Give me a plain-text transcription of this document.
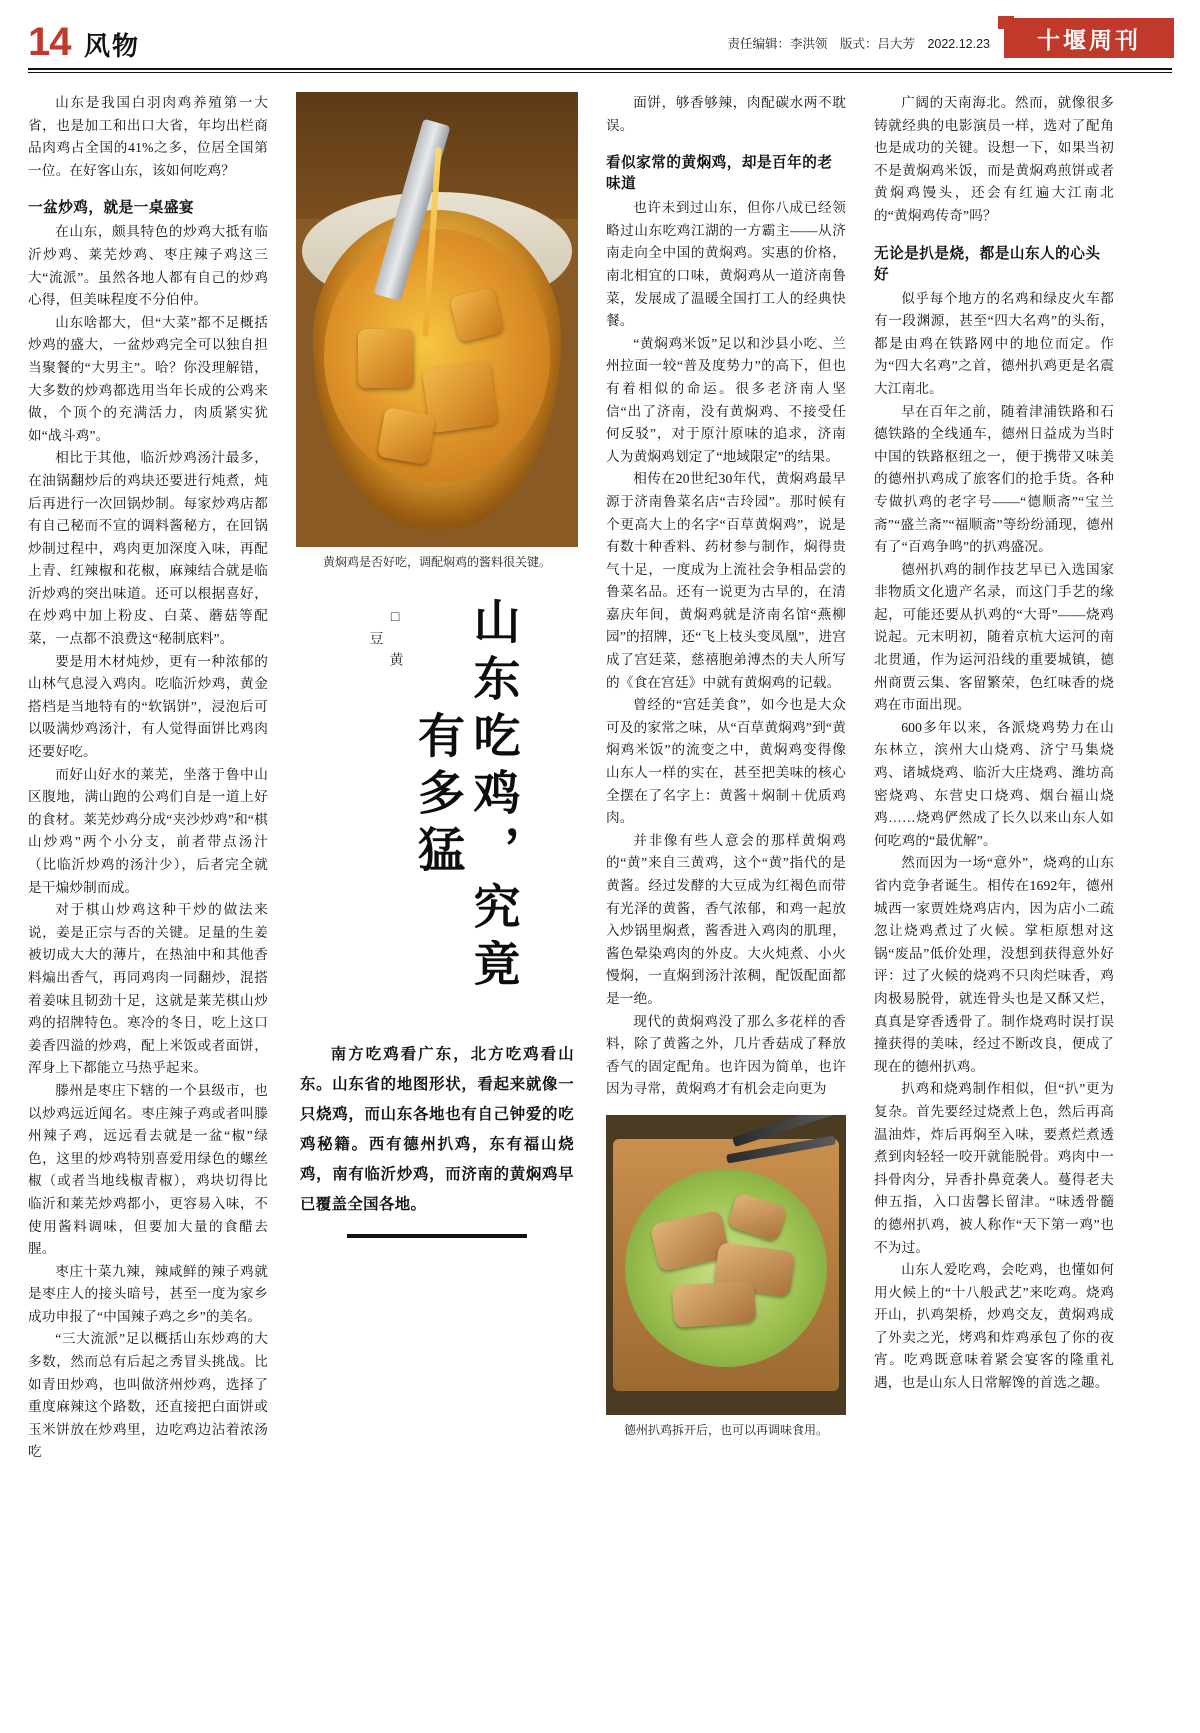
14 风物	责任编辑：李洪领　版式：吕大芳　2022.12.23	十堰周刊

山东是我国白羽肉鸡养殖第一大省，也是加工和出口大省，年均出栏商品肉鸡占全国的41%之多，位居全国第一位。在好客山东，该如何吃鸡？

一盆炒鸡，就是一桌盛宴

在山东，颇具特色的炒鸡大抵有临沂炒鸡、莱芜炒鸡、枣庄辣子鸡这三大“流派”。虽然各地人都有自己的炒鸡心得，但美味程度不分伯仲。

山东啥都大，但“大菜”都不足概括炒鸡的盛大，一盆炒鸡完全可以独自担当聚餐的“大男主”。哈？你没理解错，大多数的炒鸡都选用当年长成的公鸡来做，个顶个的充满活力，肉质紧实犹如“战斗鸡”。

相比于其他，临沂炒鸡汤汁最多，在油锅翻炒后的鸡块还要进行炖煮，炖后再进行一次回锅炒制。每家炒鸡店都有自己秘而不宣的调料酱秘方，在回锅炒制过程中，鸡肉更加深度入味，再配上青、红辣椒和花椒，麻辣结合就是临沂炒鸡的突出味道。还可以根据喜好，在炒鸡中加上粉皮、白菜、蘑菇等配菜，一点都不浪费这“秘制底料”。

要是用木材炖炒，更有一种浓郁的山林气息浸入鸡肉。吃临沂炒鸡，黄金搭档是当地特有的“软锅饼”，浸泡后可以吸满炒鸡汤汁，有人觉得面饼比鸡肉还要好吃。

而好山好水的莱芜，坐落于鲁中山区腹地，满山跑的公鸡们自是一道上好的食材。莱芜炒鸡分成“夹沙炒鸡”和“棋山炒鸡”两个小分支，前者带点汤汁（比临沂炒鸡的汤汁少），后者完全就是干煸炒制而成。

对于棋山炒鸡这种干炒的做法来说，姜是正宗与否的关键。足量的生姜被切成大大的薄片，在热油中和其他香料煸出香气，再同鸡肉一同翻炒，混搭着姜味且韧劲十足，这就是莱芜棋山炒鸡的招牌特色。寒冷的冬日，吃上这口姜香四溢的炒鸡，配上米饭或者面饼，浑身上下都能立马热乎起来。

滕州是枣庄下辖的一个县级市，也以炒鸡远近闻名。枣庄辣子鸡或者叫滕州辣子鸡，远远看去就是一盆“椒”绿色，这里的炒鸡特别喜爱用绿色的螺丝椒（或者当地线椒青椒），鸡块切得比临沂和莱芜炒鸡都小，更容易入味，不使用酱料调味，但要加大量的食醋去腥。

枣庄十菜九辣，辣咸鲜的辣子鸡就是枣庄人的接头暗号，甚至一度为家乡成功申报了“中国辣子鸡之乡”的美名。

“三大流派”足以概括山东炒鸡的大多数，然而总有后起之秀冒头挑战。比如青田炒鸡，也叫做济州炒鸡，选择了重度麻辣这个路数，还直接把白面饼或玉米饼放在炒鸡里，边吃鸡边沾着浓汤吃

黄焖鸡是否好吃，调配焖鸡的酱料很关键。
□ 黄 豆 山东吃鸡，究竟有多猛
南方吃鸡看广东，北方吃鸡看山东。山东省的地图形状，看起来就像一只烧鸡，而山东各地也有自己钟爱的吃鸡秘籍。西有德州扒鸡，东有福山烧鸡，南有临沂炒鸡，而济南的黄焖鸡早已覆盖全国各地。

面饼，够香够辣，肉配碳水两不耽误。

看似家常的黄焖鸡，却是百年的老味道

也许未到过山东，但你八成已经领略过山东吃鸡江湖的一方霸主——从济南走向全中国的黄焖鸡。实惠的价格，南北相宜的口味，黄焖鸡从一道济南鲁菜，发展成了温暖全国打工人的经典快餐。

“黄焖鸡米饭”足以和沙县小吃、兰州拉面一较“普及度势力”的高下，但也有着相似的命运。很多老济南人坚信“出了济南，没有黄焖鸡、不接受任何反驳”，对于原汁原味的追求，济南人为黄焖鸡划定了“地域限定”的结果。

相传在20世纪30年代，黄焖鸡最早源于济南鲁菜名店“吉玲园”。那时候有个更高大上的名字“百草黄焖鸡”，说是有数十种香料、药材参与制作，焖得贵气十足，一度成为上流社会争相品尝的鲁菜名品。还有一说更为古早的，在清嘉庆年间，黄焖鸡就是济南名馆“燕柳园”的招牌，还“飞上枝头变凤凰”，进宫成了宫廷菜，慈禧胞弟溥杰的夫人所写的《食在宫廷》中就有黄焖鸡的记载。

曾经的“宫廷美食”，如今也是大众可及的家常之味，从“百草黄焖鸡”到“黄焖鸡米饭”的流变之中，黄焖鸡变得像山东人一样的实在，甚至把美味的核心全摆在了名字上：黄酱＋焖制＋优质鸡肉。

并非像有些人意会的那样黄焖鸡的“黄”来自三黄鸡，这个“黄”指代的是黄酱。经过发酵的大豆成为红褐色而带有光泽的黄酱，香气浓郁，和鸡一起放入炒锅里焖煮，酱香进入鸡肉的肌理，酱色晕染鸡肉的外皮。大火炖煮、小火慢焖，一直焖到汤汁浓稠，配饭配面都是一绝。

现代的黄焖鸡没了那么多花样的香料，除了黄酱之外，几片香菇成了释放香气的固定配角。也许因为简单，也许因为寻常，黄焖鸡才有机会走向更为

德州扒鸡拆开后，也可以再调味食用。

广阔的天南海北。然而，就像很多铸就经典的电影演员一样，选对了配角也是成功的关键。设想一下，如果当初不是黄焖鸡米饭，而是黄焖鸡煎饼或者黄焖鸡馒头，还会有红遍大江南北的“黄焖鸡传奇”吗？

无论是扒是烧，都是山东人的心头好

似乎每个地方的名鸡和绿皮火车都有一段渊源，甚至“四大名鸡”的头衔，都是由鸡在铁路网中的地位而定。作为“四大名鸡”之首，德州扒鸡更是名震大江南北。

早在百年之前，随着津浦铁路和石德铁路的全线通车，德州日益成为当时中国的铁路枢纽之一，便于携带又味美的德州扒鸡成了旅客们的抢手货。各种专做扒鸡的老字号——“德顺斋”“宝兰斋”“盛兰斋”“福顺斋”等纷纷涌现，德州有了“百鸡争鸣”的扒鸡盛况。

德州扒鸡的制作技艺早已入选国家非物质文化遗产名录，而这门手艺的缘起，可能还要从扒鸡的“大哥”——烧鸡说起。元末明初，随着京杭大运河的南北贯通，作为运河沿线的重要城镇，德州商贾云集、客留繁荣，色红味香的烧鸡在市面出现。

600多年以来，各派烧鸡势力在山东林立，滨州大山烧鸡、济宁马集烧鸡、诸城烧鸡、临沂大庄烧鸡、潍坊高密烧鸡、东营史口烧鸡、烟台福山烧鸡……烧鸡俨然成了长久以来山东人如何吃鸡的“最优解”。

然而因为一场“意外”，烧鸡的山东省内竞争者诞生。相传在1692年，德州城西一家贾姓烧鸡店内，因为店小二疏忽让烧鸡煮过了火候。掌柜原想对这锅“废品”低价处理，没想到获得意外好评：过了火候的烧鸡不只肉烂味香，鸡肉极易脱骨，就连骨头也是又酥又烂，真真是穿香透骨了。制作烧鸡时误打误撞获得的美味，经过不断改良，便成了现在的德州扒鸡。

扒鸡和烧鸡制作相似，但“扒”更为复杂。首先要经过烧煮上色，然后再高温油炸，炸后再焖至入味，要煮烂煮透煮到肉轻轻一咬开就能脱骨。鸡肉中一抖骨肉分，异香扑鼻竟袭人。蔓得老夫伸五指，入口齿馨长留津。“味透骨髓的德州扒鸡，被人称作“天下第一鸡”也不为过。

山东人爱吃鸡，会吃鸡，也懂如何用火候上的“十八般武艺”来吃鸡。烧鸡开山，扒鸡架桥，炒鸡交友，黄焖鸡成了外卖之光，烤鸡和炸鸡承包了你的夜宵。吃鸡既意味着紧会宴客的隆重礼遇，也是山东人日常解馋的首选之趣。
